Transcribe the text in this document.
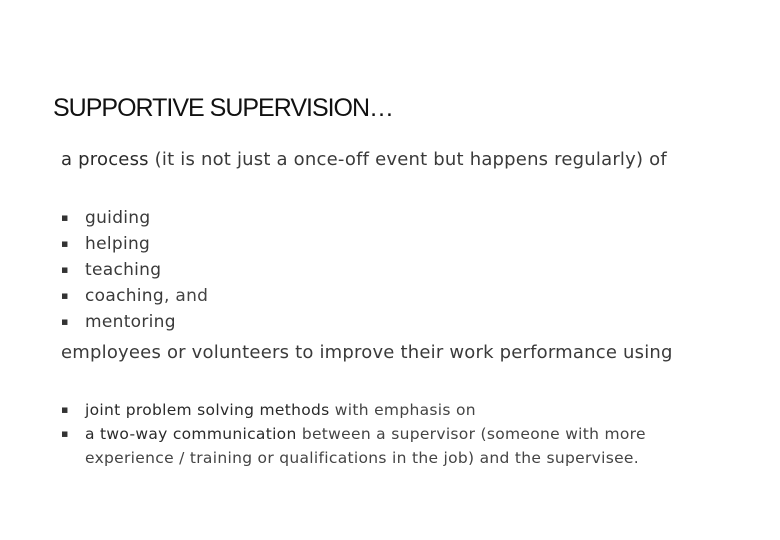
SUPPORTIVE SUPERVISION…
a process (it is not just a once-off event but happens regularly) of
▪ guiding
▪ helping
▪ teaching
▪ coaching, and
▪ mentoring
employees or volunteers to improve their work performance using
▪	joint problem solving methods with emphasis on
▪	a two-way communication between a supervisor (someone with more experience / training or qualifications in the job) and the supervisee.
